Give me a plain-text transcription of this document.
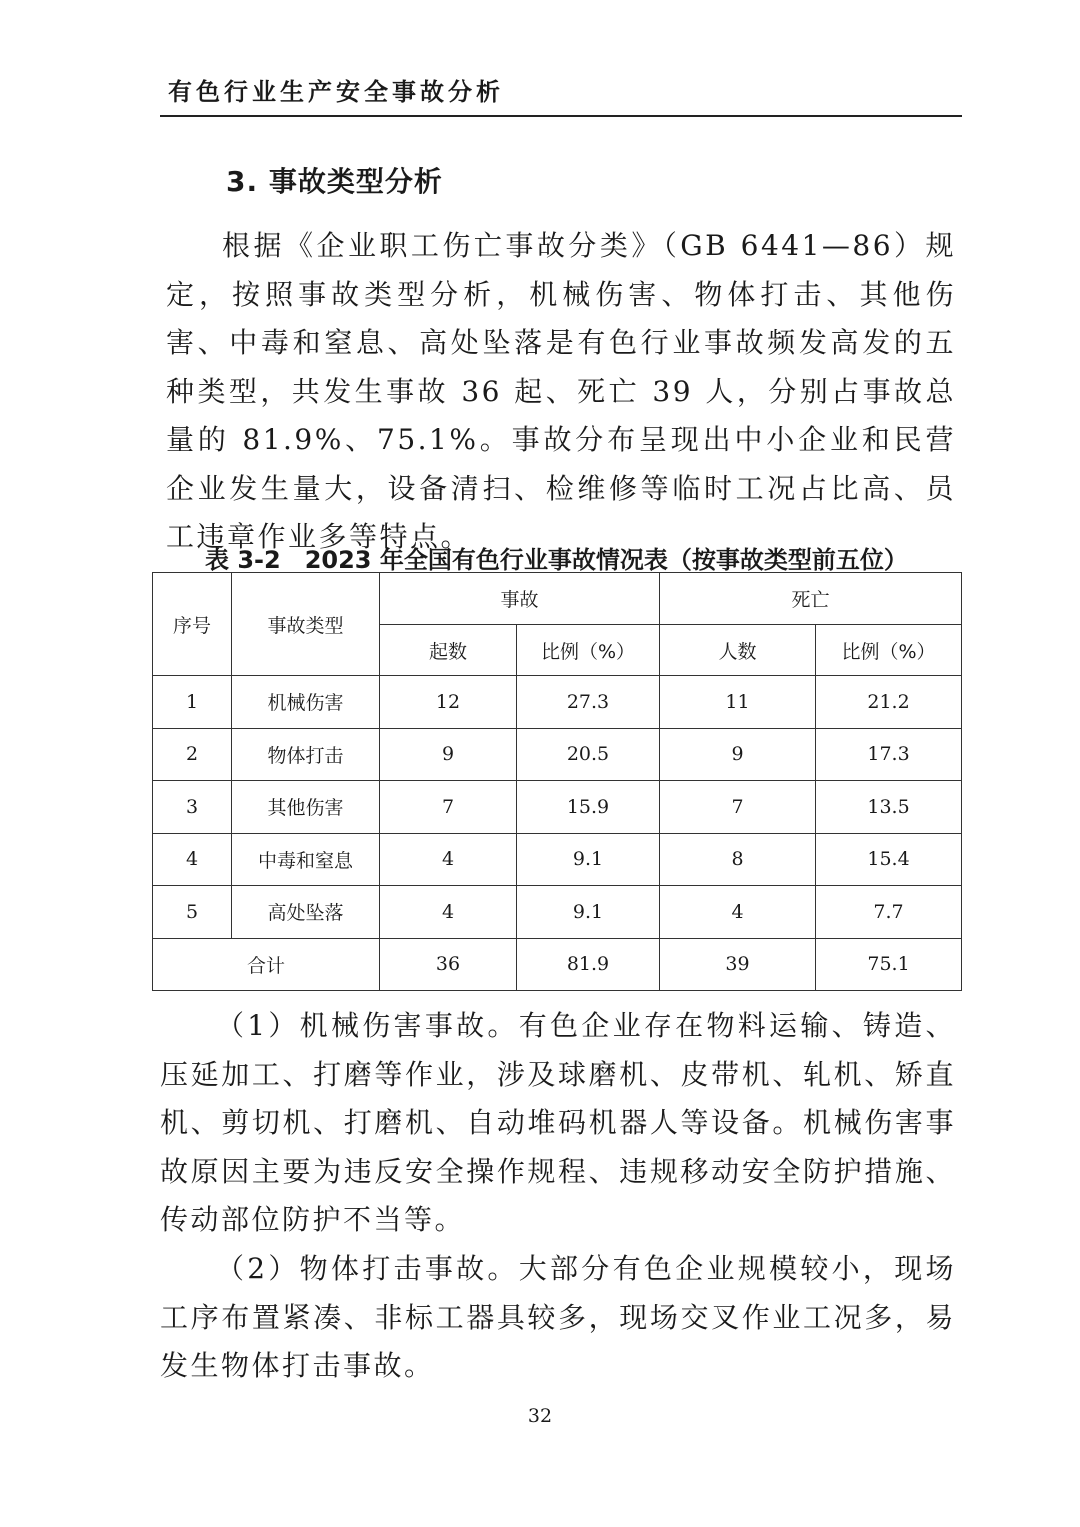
有色行业生产安全事故分析
3. 事故类型分析

根据《企业职工伤亡事故分类》（GB 6441—86）规定，按照事故类型分析，机械伤害、物体打击、其他伤害、中毒和窒息、高处坠落是有色行业事故频发高发的五种类型，共发生事故 36 起、死亡 39 人，分别占事故总量的 81.9%、75.1%。事故分布呈现出中小企业和民营企业发生量大，设备清扫、检维修等临时工况占比高、员工违章作业多等特点。

表 3-2　2023 年全国有色行业事故情况表（按事故类型前五位）
序号	事故类型	事故		死亡	
		起数	比例（%）	人数	比例（%）
1	机械伤害	12	27.3	11	21.2
2	物体打击	9	20.5	9	17.3
3	其他伤害	7	15.9	7	13.5
4	中毒和窒息	4	9.1	8	15.4
5	高处坠落	4	9.1	4	7.7
合计		36	81.9	39	75.1

（1）机械伤害事故。有色企业存在物料运输、铸造、压延加工、打磨等作业，涉及球磨机、皮带机、轧机、矫直机、剪切机、打磨机、自动堆码机器人等设备。机械伤害事故原因主要为违反安全操作规程、违规移动安全防护措施、传动部位防护不当等。

（2）物体打击事故。大部分有色企业规模较小，现场工序布置紧凑、非标工器具较多，现场交叉作业工况多，易发生物体打击事故。

32
